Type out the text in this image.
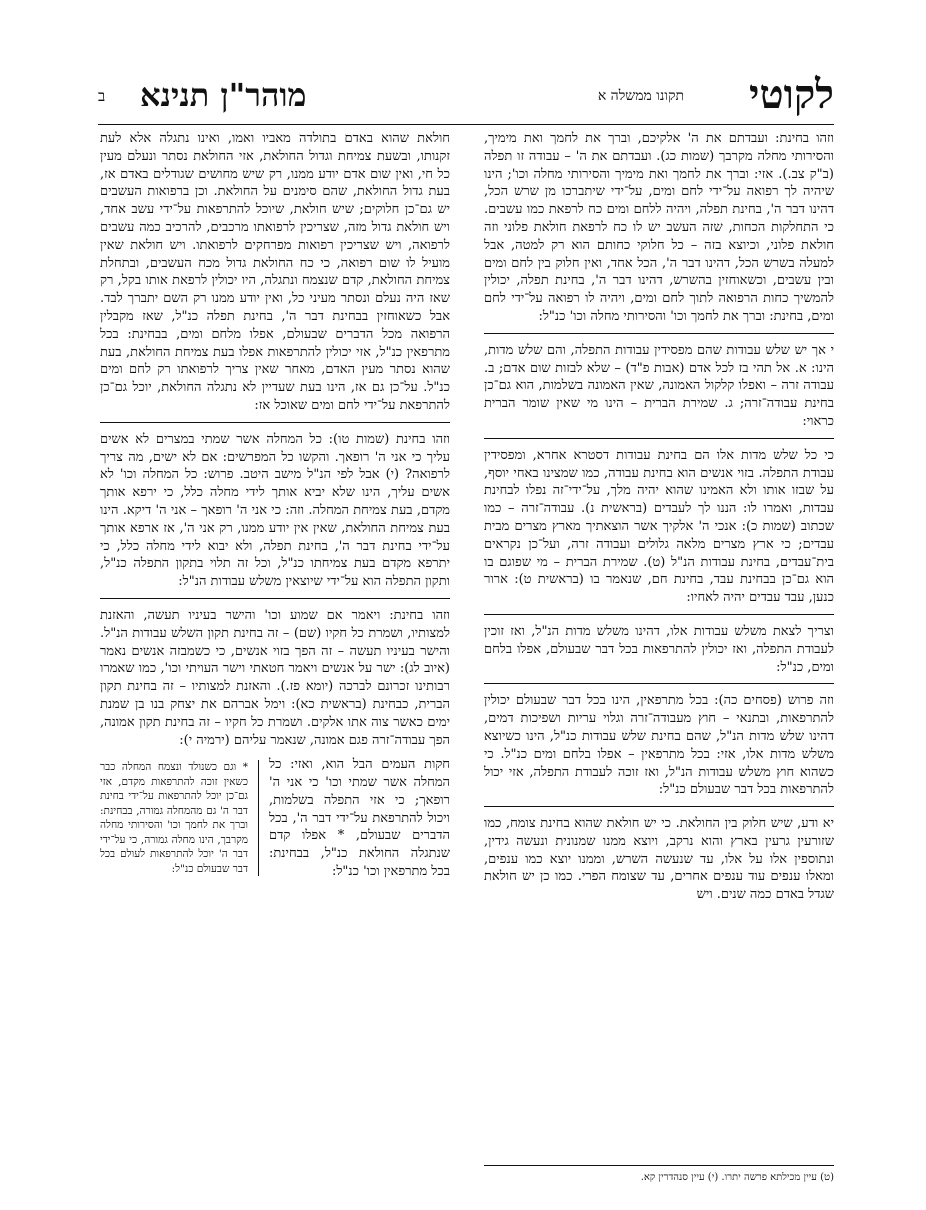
לקוטי
תקונו ממשלה א
מוהר"ן תנינא
ב

וזהו בחינת: ועבדתם את ה' אלקיכם, וברך את לחמך ואת מימיך, והסירותי מחלה מקרבך (שמות כג). ועבדתם את ה' – עבודה זו תפלה (ב"ק צב.). אזי: וברך את לחמך ואת מימיך והסירותי מחלה וכו'; הינו שיהיה לך רפואה על־ידי לחם ומים, על־ידי שיתברכו מן שרש הכל, דהינו דבר ה', בחינת תפלה, ויהיה ללחם ומים כח לרפאת כמו עשבים. כי התחלקות הכחות, שזה העשב יש לו כח לרפאת חולאת פלוני וזה חולאת פלוני, וכיוצא בזה – כל חלוקי כחותם הוא רק למטה, אבל למעלה בשרש הכל, דהינו דבר ה', הכל אחד, ואין חלוק בין לחם ומים ובין עשבים, וכשאוחזין בהשרש, דהינו דבר ה', בחינת תפלה, יכולין להמשיך כחות הרפואה לתוך לחם ומים, ויהיה לו רפואה על־ידי לחם ומים, בחינת: וברך את לחמך וכו' והסירותי מחלה וכו' כנ"ל:

י אך יש שלש עבודות שהם מפסידין עבודות התפלה, והם שלש מדות, הינו: א. אל תהי בז לכל אדם (אבות פ"ד) – שלא לבזות שום אדם; ב. עבודה זרה – ואפלו קלקול האמונה, שאין האמונה בשלמות, הוא גם־כן בחינת עבודה־זרה; ג. שמירת הברית – הינו מי שאין שומר הברית כראוי:

כי כל שלש מדות אלו הם בחינת עבודות דסטרא אחרא, ומפסידין עבודת התפלה. בזוי אנשים הוא בחינת עבודה, כמו שמצינו באחי יוסף, על שבזו אותו ולא האמינו שהוא יהיה מלך, על־ידי־זה נפלו לבחינת עבדות, ואמרו לו: הננו לך לעבדים (בראשית נ). עבודה־זרה – כמו שכתוב (שמות כ): אנכי ה' אלקיך אשר הוצאתיך מארץ מצרים מבית עבדים; כי ארץ מצרים מלאה גלולים ועבודה זרה, ועל־כן נקראים בית־עבדים, בחינת עבודות הנ"ל (ט). שמירת הברית – מי שפוגם בו הוא גם־כן בבחינת עבד, בחינת חם, שנאמר בו (בראשית ט): ארור כנען, עבד עבדים יהיה לאחיו:

וצריך לצאת משלש עבודות אלו, דהינו משלש מדות הנ"ל, ואז זוכין לעבודת התפלה, ואז יכולין להתרפאות בכל דבר שבעולם, אפלו בלחם ומים, כנ"ל:

וזה פרוש (פסחים כה): בכל מתרפאין, הינו בכל דבר שבעולם יכולין להתרפאות, ובתנאי – חוץ מעבודה־זרה וגלוי עריות ושפיכות דמים, דהינו שלש מדות הנ"ל, שהם בחינת שלש עבודות כנ"ל, הינו כשיוצא משלש מדות אלו, אזי: בכל מתרפאין – אפלו בלחם ומים כנ"ל. כי כשהוא חוץ משלש עבודות הנ"ל, ואז זוכה לעבודת התפלה, אזי יכול להתרפאות בכל דבר שבעולם כנ"ל:

יא ודע, שיש חלוק בין החולאת. כי יש חולאת שהוא בחינת צומח, כמו שזורעין גרעין בארץ והוא נרקב, ויוצא ממנו שמנונית ונעשה גידין, ונתוספין אלו על אלו, עד שנעשה השרש, וממנו יוצא כמו ענפים, ומאלו ענפים עוד ענפים אחרים, עד שצומח הפרי. כמו כן יש חולאת שגדל באדם כמה שנים. ויש

חולאת שהוא באדם בתולדה מאביו ואמו, ואינו נתגלה אלא לעת זקנותו, ובשעת צמיחת וגדול החולאת, אזי החולאת נסתר ונעלם מעין כל חי, ואין שום אדם יודע ממנו, רק שיש מחושים שגודלים באדם אז, בעת גדול החולאת, שהם סימנים על החולאת. וכן ברפואות העשבים יש גם־כן חלוקים; שיש חולאת, שיוכל להתרפאות על־ידי עשב אחד, ויש חולאת גדול מזה, שצריכין לרפואתו מרכבים, להרכיב כמה עשבים לרפואה, ויש שצריכין רפואות מפרחקים לרפואתו. ויש חולאת שאין מועיל לו שום רפואה, כי כח החולאת גדול מכח העשבים, ובתחלת צמיחת החולאת, קדם שנצמח ונתגלה, היו יכולין לרפאת אותו בקל, רק שאז היה נעלם ונסתר מעיני כל, ואין יודע ממנו רק השם יתברך לבד. אבל כשאוחזין בבחינת דבר ה', בחינת תפלה כנ"ל, שאז מקבלין הרפואה מכל הדברים שבעולם, אפלו מלחם ומים, בבחינת: בכל מתרפאין כנ"ל, אזי יכולין להתרפאות אפלו בעת צמיחת החולאת, בעת שהוא נסתר מעין האדם, מאחר שאין צריך לרפואתו רק לחם ומים כנ"ל. על־כן גם אז, הינו בעת שעדיין לא נתגלה החולאת, יוכל גם־כן להתרפאת על־ידי לחם ומים שאוכל אז:

וזהו בחינת (שמות טו): כל המחלה אשר שמתי במצרים לא אשים עליך כי אני ה' רופאך. והקשו כל המפרשים: אם לא ישים, מה צריך לרפואה? (י) אבל לפי הנ"ל מישב היטב. פרוש: כל המחלה וכו' לא אשים עליך, הינו שלא יביא אותך לידי מחלה כלל, כי ירפא אותך מקדם, בעת צמיחת המחלה. וזה: כי אני ה' רופאך – אני ה' דיקא. הינו בעת צמיחת החולאת, שאין אין יודע ממנו, רק אני ה', אז ארפא אותך על־ידי בחינת דבר ה', בחינת תפלה, ולא יבוא לידי מחלה כלל, כי יתרפא מקדם בעת צמיחתו כנ"ל, וכל זה תלוי בתקון התפלה כנ"ל, ותקון התפלה הוא על־ידי שיוצאין משלש עבודות הנ"ל:

וזהו בחינת: ויאמר אם שמוע וכו' והישר בעיניו תעשה, והאזנת למצותיו, ושמרת כל חקיו (שם) – זה בחינת תקון השלש עבודות הנ"ל. והישר בעיניו תעשה – זה הפך בזוי אנשים, כי כשמבזה אנשים נאמר (איוב לג): ישר על אנשים ויאמר חטאתי וישר העויתי וכו', כמו שאמרו רבותינו זכרונם לברכה (יומא פז.). והאזנת למצותיו – זה בחינת תקון הברית, כבחינת (בראשית כא): וימל אברהם את יצחק בנו בן שמנת ימים כאשר צוה אתו אלקים. ושמרת כל חקיו – זה בחינת תקון אמונה, הפך עבודה־זרה פגם אמונה, שנאמר עליהם (ירמיה י):

* וגם כשנולד ונצמח המחלה כבר כשאין זוכה להתרפאות מקדם, אזי גם־כן יוכל להתרפאות על־ידי בחינת דבר ה' גם מהמחלה גמורה, בבחינת: וברך את לחמך וכו' והסירותי מחלה מקרבך, הינו מחלה גמורה, כי על־ידי דבר ה' יוכל להתרפאות לעולם בכל דבר שבעולם כנ"ל:

חקות העמים הבל הוא, ואזי: כל המחלה אשר שמתי וכו' כי אני ה' רופאך; כי אזי התפלה בשלמות, ויכול להתרפאת על־ידי דבר ה', בכל הדברים שבעולם, * אפלו קדם שנתגלה החולאת כנ"ל, בבחינת: בכל מתרפאין וכו' כנ"ל:

(ט) עיין מכילתא פרשה יתרו. (י) עיין סנהדרין קא.
